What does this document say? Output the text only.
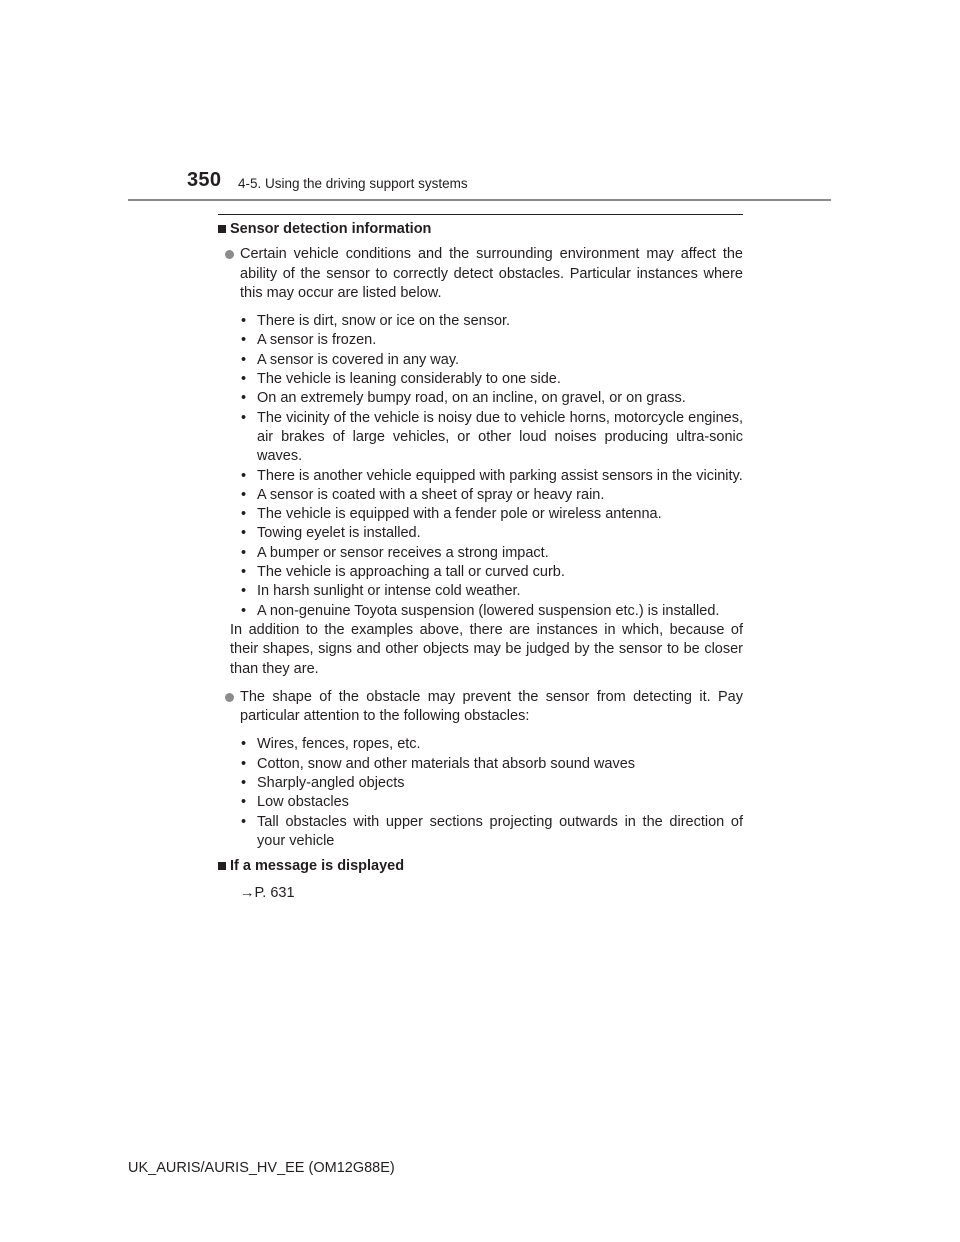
350 4-5. Using the driving support systems

Sensor detection information

Certain vehicle conditions and the surrounding environment may affect the ability of the sensor to correctly detect obstacles. Particular instances where this may occur are listed below.

• There is dirt, snow or ice on the sensor.
• A sensor is frozen.
• A sensor is covered in any way.
• The vehicle is leaning considerably to one side.
• On an extremely bumpy road, on an incline, on gravel, or on grass.
• The vicinity of the vehicle is noisy due to vehicle horns, motorcycle engines, air brakes of large vehicles, or other loud noises producing ultra-sonic waves.
• There is another vehicle equipped with parking assist sensors in the vicinity.
• A sensor is coated with a sheet of spray or heavy rain.
• The vehicle is equipped with a fender pole or wireless antenna.
• Towing eyelet is installed.
• A bumper or sensor receives a strong impact.
• The vehicle is approaching a tall or curved curb.
• In harsh sunlight or intense cold weather.
• A non-genuine Toyota suspension (lowered suspension etc.) is installed.

In addition to the examples above, there are instances in which, because of their shapes, signs and other objects may be judged by the sensor to be closer than they are.

The shape of the obstacle may prevent the sensor from detecting it. Pay particular attention to the following obstacles:

• Wires, fences, ropes, etc.
• Cotton, snow and other materials that absorb sound waves
• Sharply-angled objects
• Low obstacles
• Tall obstacles with upper sections projecting outwards in the direction of your vehicle

If a message is displayed

→P. 631

UK_AURIS/AURIS_HV_EE (OM12G88E)
